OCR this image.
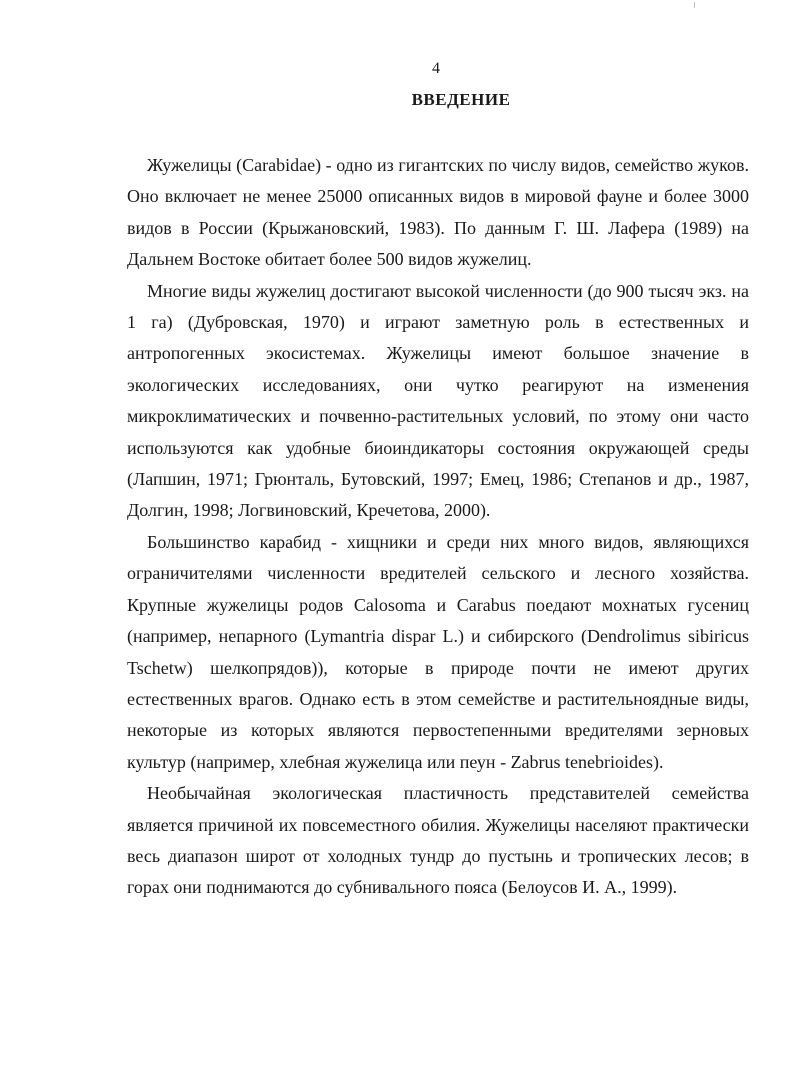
4
ВВЕДЕНИЕ

Жужелицы (Carabidae) - одно из гигантских по числу видов, семейство жуков. Оно включает не менее 25000 описанных видов в мировой фауне и более 3000 видов в России (Крыжановский, 1983). По данным Г. Ш. Лафера (1989) на Дальнем Востоке обитает более 500 видов жужелиц.

Многие виды жужелиц достигают высокой численности (до 900 тысяч экз. на 1 га) (Дубровская, 1970) и играют заметную роль в естественных и антропогенных экосистемах. Жужелицы имеют большое значение в экологических исследованиях, они чутко реагируют на изменения микроклиматических и почвенно-растительных условий, по этому они часто используются как удобные биоиндикаторы состояния окружающей среды (Лапшин, 1971; Грюнталь, Бутовский, 1997; Емец, 1986; Степанов и др., 1987, Долгин, 1998; Логвиновский, Кречетова, 2000).

Большинство карабид - хищники и среди них много видов, являющихся ограничителями численности вредителей сельского и лесного хозяйства. Крупные жужелицы родов Calosoma и Carabus поедают мохнатых гусениц (например, непарного (Lymantria dispar L.) и сибирского (Dendrolimus sibiricus Tschetw) шелкопрядов)), которые в природе почти не имеют других естественных врагов. Однако есть в этом семействе и растительноядные виды, некоторые из которых являются первостепенными вредителями зерновых культур (например, хлебная жужелица или пеун - Zabrus tenebrioides).

Необычайная экологическая пластичность представителей семейства является причиной их повсеместного обилия. Жужелицы населяют практически весь диапазон широт от холодных тундр до пустынь и тропических лесов; в горах они поднимаются до субнивального пояса (Белоусов И. А., 1999).
